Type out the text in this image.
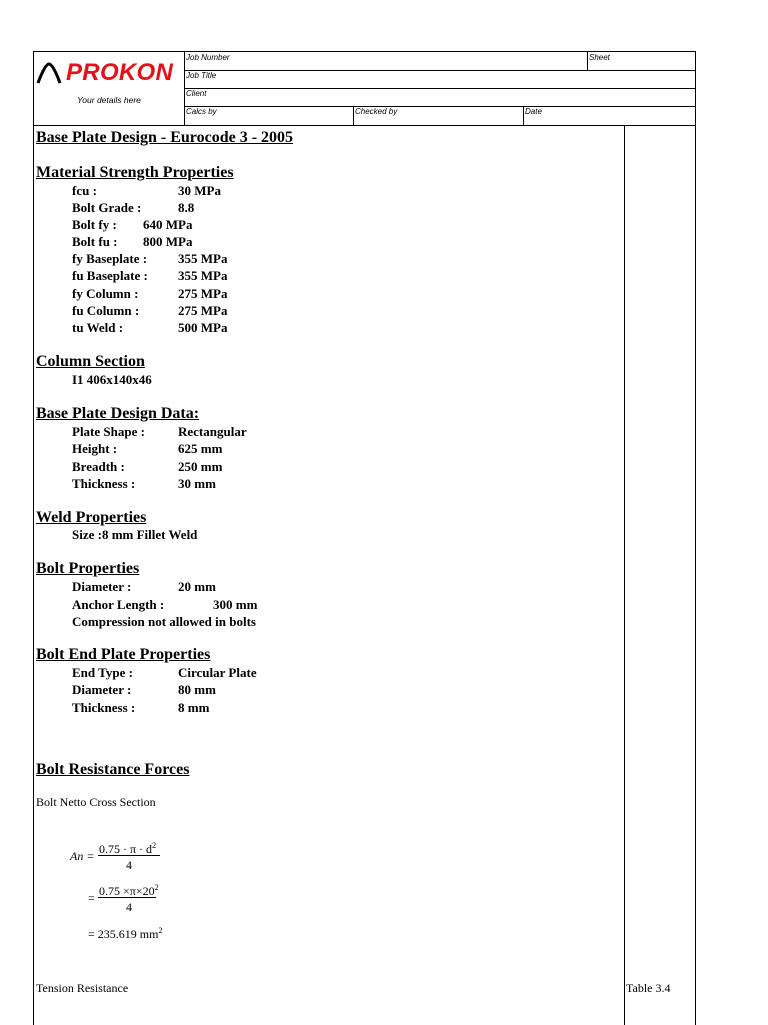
PROKON
Your details here
Job Number	Sheet
Job Title
Client
Calcs by	Checked by	Date
Base Plate Design - Eurocode 3 - 2005
Material Strength Properties
fcu :	30 MPa
Bolt Grade :	8.8
Bolt fy : 640 MPa
Bolt fu : 800 MPa
fy Baseplate : 355 MPa
fu Baseplate : 355 MPa
fy Column :	275 MPa
fu Column :	275 MPa
tu Weld :	500 MPa
Column Section
I1 406x140x46
Base Plate Design Data:
Plate Shape :	Rectangular
Height :	625 mm
Breadth :	250 mm
Thickness :	30 mm
Weld Properties
Size :8 mm Fillet Weld
Bolt Properties
Diameter :	20 mm
Anchor Length :	300 mm
Compression not allowed in bolts
Bolt End Plate Properties
End Type :	Circular Plate
Diameter :	80 mm
Thickness :	8 mm
Bolt Resistance Forces
Bolt Netto Cross Section
$An = 0.75 \cdot \pi \cdot d^2$
4
= $0.75 \times\pi\times 20^2$
4
= 235.619 $mm^2$
Tension Resistance	Table 3.4
